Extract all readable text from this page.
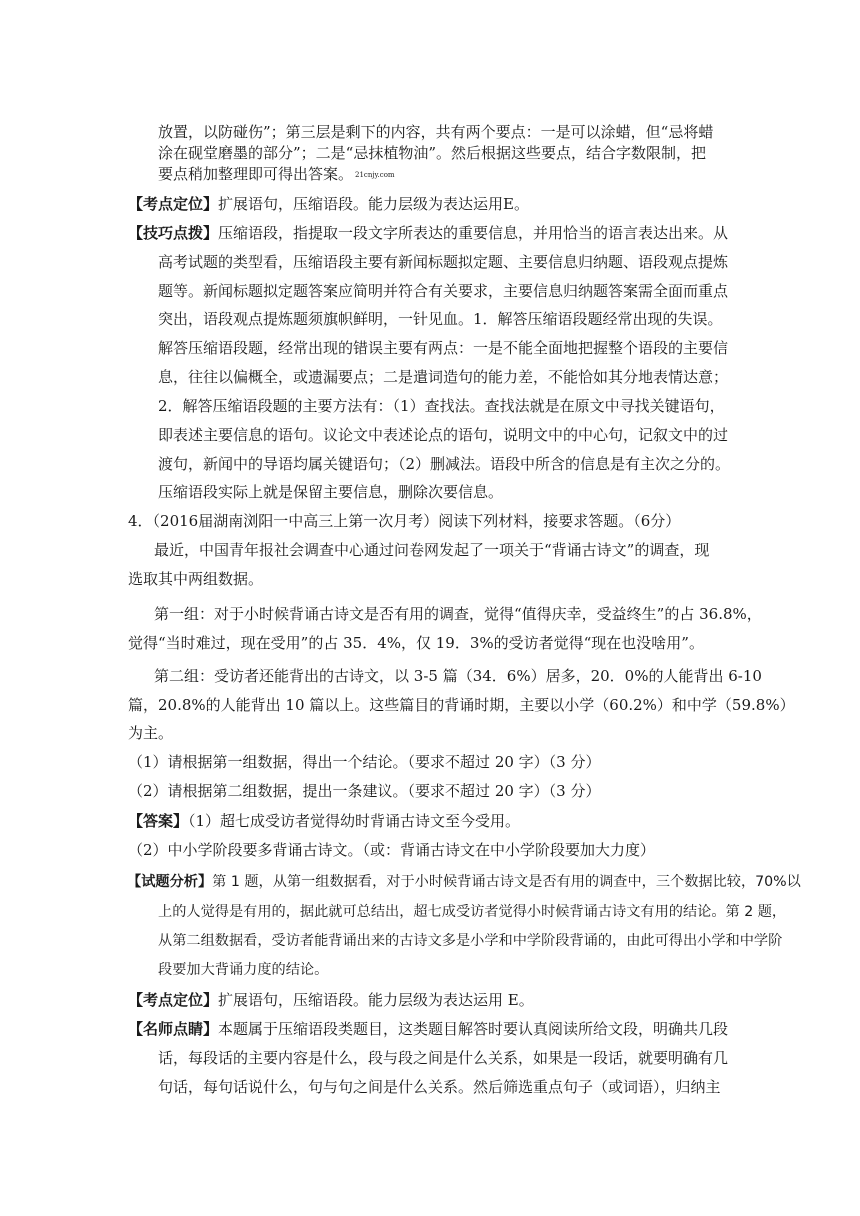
放置，以防碰伤”；第三层是剩下的内容，共有两个要点：一是可以涂蜡，但“忌将蜡
涂在砚堂磨墨的部分”；二是“忌抹植物油”。然后根据这些要点，结合字数限制，把
要点稍加整理即可得出答案。 21cnjy.com
【考点定位】扩展语句，压缩语段。能力层级为表达运用E。
【技巧点拨】压缩语段，指提取一段文字所表达的重要信息，并用恰当的语言表达出来。从
高考试题的类型看，压缩语段主要有新闻标题拟定题、主要信息归纳题、语段观点提炼
题等。新闻标题拟定题答案应简明并符合有关要求，主要信息归纳题答案需全面而重点
突出，语段观点提炼题须旗帜鲜明，一针见血。1．解答压缩语段题经常出现的失误。
解答压缩语段题，经常出现的错误主要有两点：一是不能全面地把握整个语段的主要信
息，往往以偏概全，或遗漏要点；二是遣词造句的能力差，不能恰如其分地表情达意；
2．解答压缩语段题的主要方法有：（1）查找法。查找法就是在原文中寻找关键语句，
即表述主要信息的语句。议论文中表述论点的语句，说明文中的中心句，记叙文中的过
渡句，新闻中的导语均属关键语句；（2）删减法。语段中所含的信息是有主次之分的。
压缩语段实际上就是保留主要信息，删除次要信息。
4．（2016届湖南浏阳一中高三上第一次月考）阅读下列材料，接要求答题。（6分）
最近，中国青年报社会调查中心通过问卷网发起了一项关于“背诵古诗文”的调查，现
选取其中两组数据。
第一组：对于小时候背诵古诗文是否有用的调查，觉得“值得庆幸，受益终生”的占 36.8%，
觉得“当时难过，现在受用”的占 35．4%，仅 19．3%的受访者觉得“现在也没啥用”。
第二组：受访者还能背出的古诗文，以 3-5 篇（34．6%）居多，20．0%的人能背出 6-10
篇，20.8%的人能背出 10 篇以上。这些篇目的背诵时期，主要以小学（60.2%）和中学（59.8%）
为主。
（1）请根据第一组数据，得出一个结论。（要求不超过 20 字）（3 分）
（2）请根据第二组数据，提出一条建议。（要求不超过 20 字）（3 分）
【答案】（1）超七成受访者觉得幼时背诵古诗文至今受用。
（2）中小学阶段要多背诵古诗文。（或：背诵古诗文在中小学阶段要加大力度）
【试题分析】第 1 题，从第一组数据看，对于小时候背诵古诗文是否有用的调查中，三个数据比较，70%以
上的人觉得是有用的，据此就可总结出，超七成受访者觉得小时候背诵古诗文有用的结论。第 2 题，
从第二组数据看，受访者能背诵出来的古诗文多是小学和中学阶段背诵的，由此可得出小学和中学阶
段要加大背诵力度的结论。
【考点定位】扩展语句，压缩语段。能力层级为表达运用 E。
【名师点睛】本题属于压缩语段类题目，这类题目解答时要认真阅读所给文段，明确共几段
话，每段话的主要内容是什么，段与段之间是什么关系，如果是一段话，就要明确有几
句话，每句话说什么，句与句之间是什么关系。然后筛选重点句子（或词语），归纳主
